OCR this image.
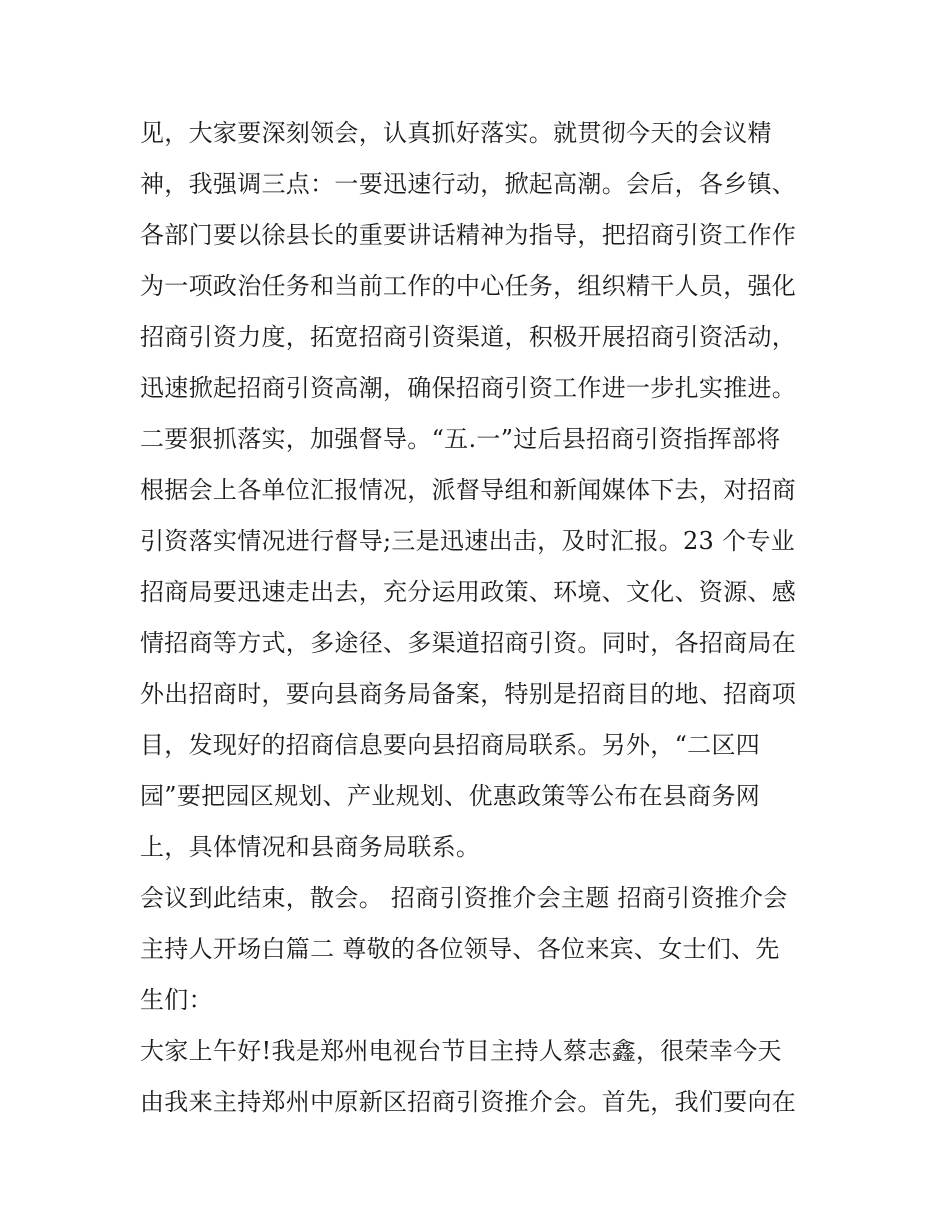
见，大家要深刻领会，认真抓好落实。就贯彻今天的会议精
神，我强调三点：一要迅速行动，掀起高潮。会后，各乡镇、
各部门要以徐县长的重要讲话精神为指导，把招商引资工作作
为一项政治任务和当前工作的中心任务，组织精干人员，强化
招商引资力度，拓宽招商引资渠道，积极开展招商引资活动，
迅速掀起招商引资高潮，确保招商引资工作进一步扎实推进。
二要狠抓落实，加强督导。“五.一”过后县招商引资指挥部将
根据会上各单位汇报情况，派督导组和新闻媒体下去，对招商
引资落实情况进行督导;三是迅速出击，及时汇报。23 个专业
招商局要迅速走出去，充分运用政策、环境、文化、资源、感
情招商等方式，多途径、多渠道招商引资。同时，各招商局在
外出招商时，要向县商务局备案，特别是招商目的地、招商项
目，发现好的招商信息要向县招商局联系。另外，“二区四
园”要把园区规划、产业规划、优惠政策等公布在县商务网
上，具体情况和县商务局联系。
会议到此结束，散会。 招商引资推介会主题 招商引资推介会
主持人开场白篇二 尊敬的各位领导、各位来宾、女士们、先
生们：
大家上午好!我是郑州电视台节目主持人蔡志鑫，很荣幸今天
由我来主持郑州中原新区招商引资推介会。首先，我们要向在
